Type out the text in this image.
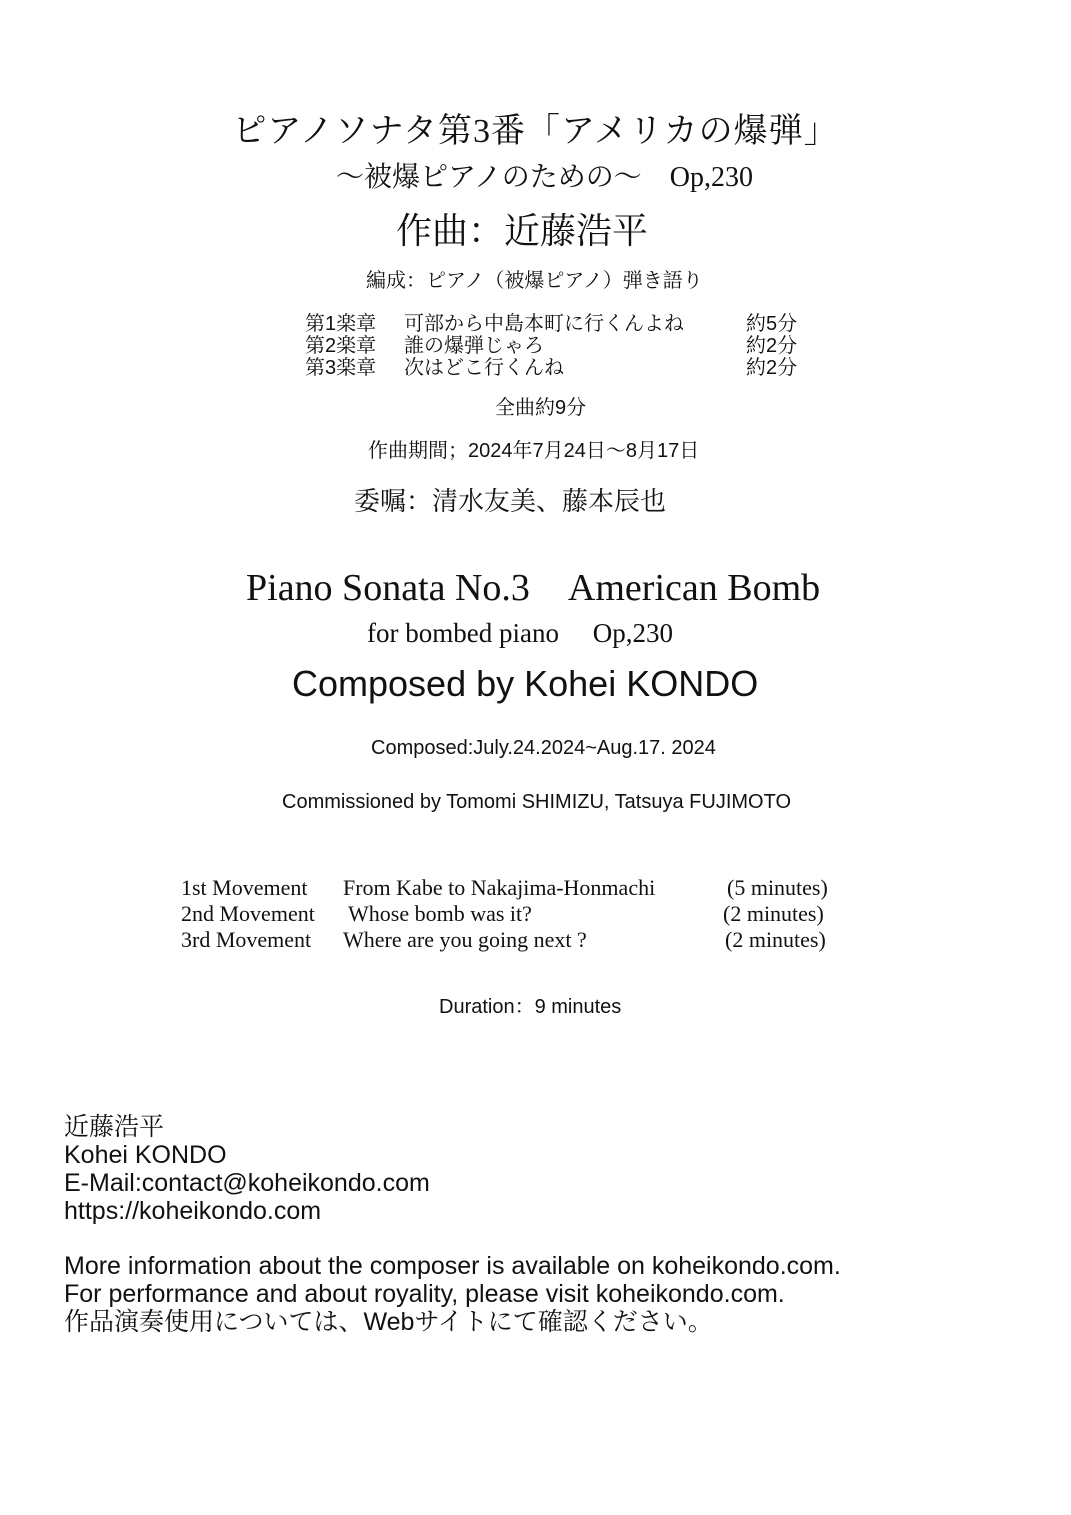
ピアノソナタ第3番「アメリカの爆弾」
〜被爆ピアノのための〜　Op,230
作曲：近藤浩平
編成：ピアノ（被爆ピアノ）弾き語り
第1楽章 可部から中島本町に行くんよね	約5分
第2楽章 誰の爆弾じゃろ	約2分
第3楽章 次はどこ行くんね	約2分
全曲約9分
作曲期間；2024年7月24日〜8月17日
委嘱：清水友美、藤本辰也
Piano Sonata No.3　American Bomb
for bombed piano　 Op,230
Composed by Kohei KONDO
Composed:July.24.2024~Aug.17. 2024
Commissioned by Tomomi SHIMIZU, Tatsuya FUJIMOTO
1st Movement From Kabe to Nakajima-Honmachi	(5 minutes)
2nd Movement Whose bomb was it?	(2 minutes)
3rd Movement Where are you going next ?	(2 minutes)
Duration：9 minutes
近藤浩平
Kohei KONDO
E-Mail:contact@koheikondo.com
https://koheikondo.com
More information about the composer is available on koheikondo.com.
For performance and about royality, please visit koheikondo.com.
作品演奏使用については、Webサイトにて確認ください。
